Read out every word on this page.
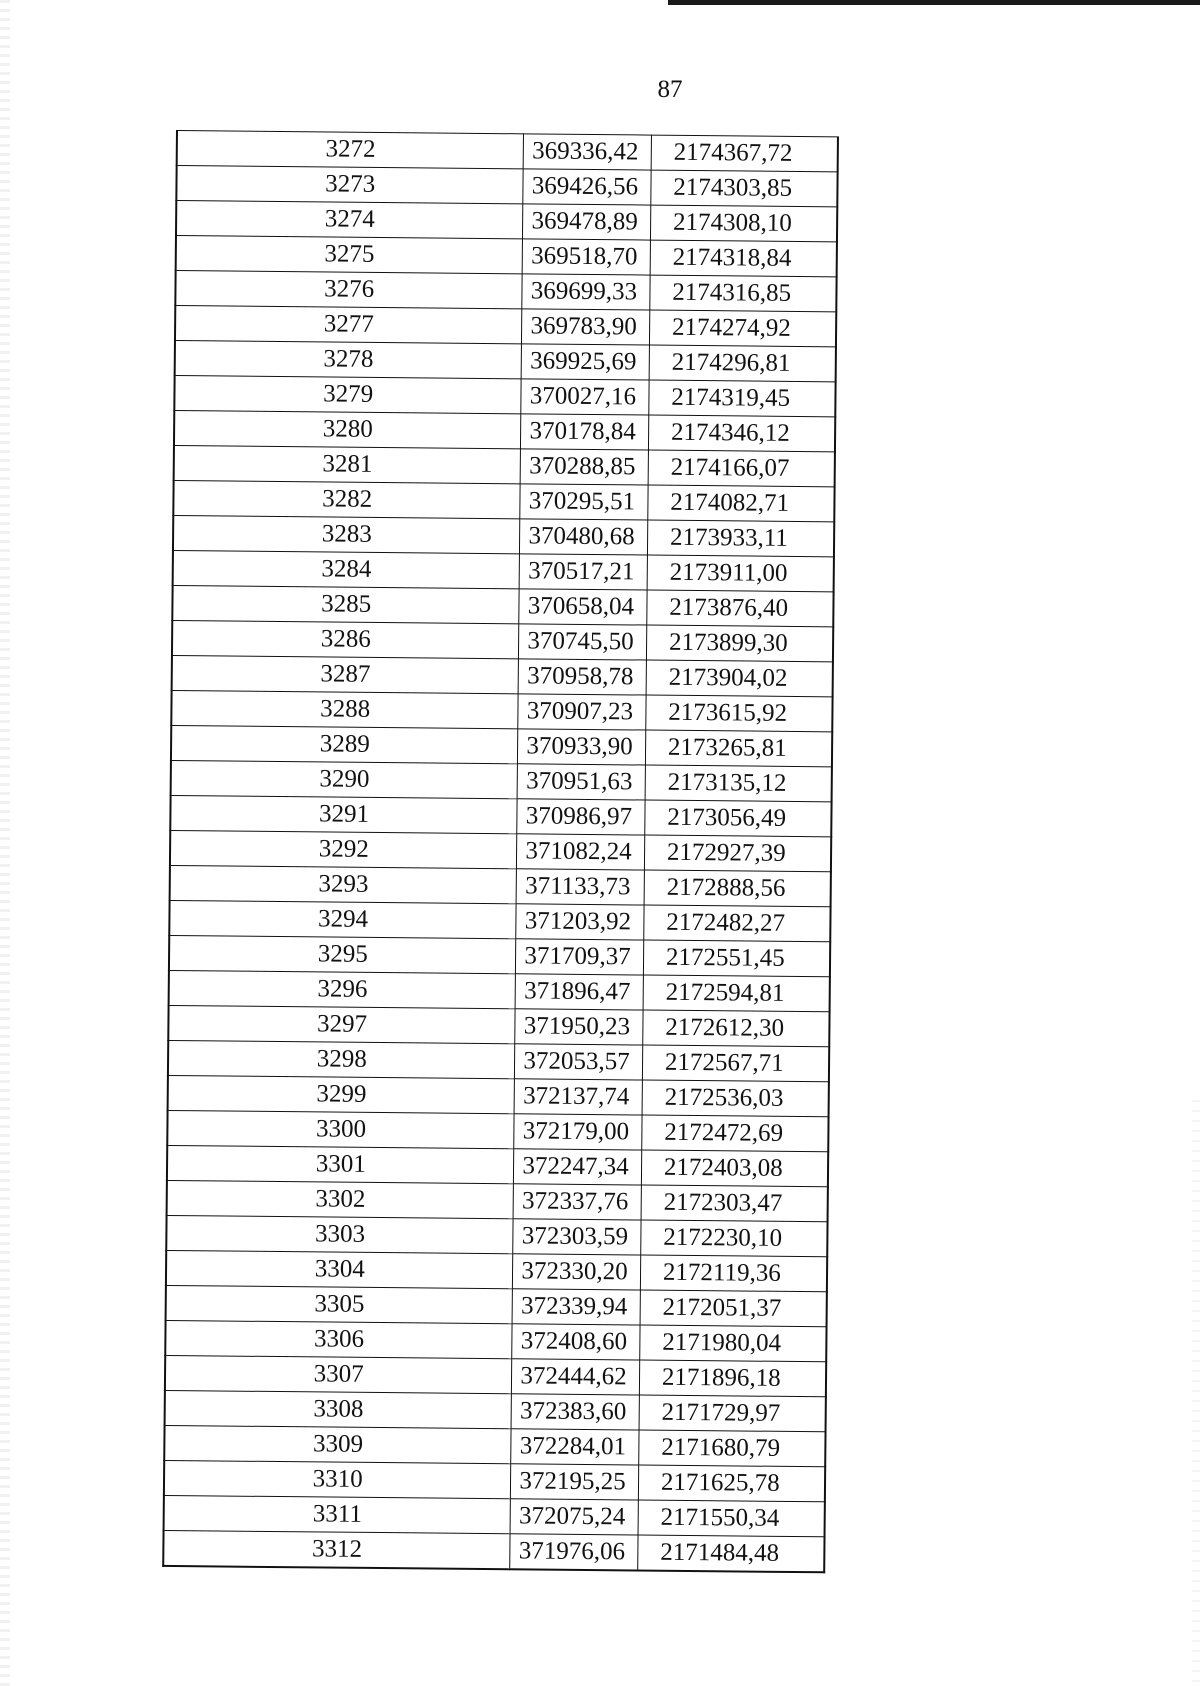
87
3272	369336,42	2174367,72
3273	369426,56	2174303,85
3274	369478,89	2174308,10
3275	369518,70	2174318,84
3276	369699,33	2174316,85
3277	369783,90	2174274,92
3278	369925,69	2174296,81
3279	370027,16	2174319,45
3280	370178,84	2174346,12
3281	370288,85	2174166,07
3282	370295,51	2174082,71
3283	370480,68	2173933,11
3284	370517,21	2173911,00
3285	370658,04	2173876,40
3286	370745,50	2173899,30
3287	370958,78	2173904,02
3288	370907,23	2173615,92
3289	370933,90	2173265,81
3290	370951,63	2173135,12
3291	370986,97	2173056,49
3292	371082,24	2172927,39
3293	371133,73	2172888,56
3294	371203,92	2172482,27
3295	371709,37	2172551,45
3296	371896,47	2172594,81
3297	371950,23	2172612,30
3298	372053,57	2172567,71
3299	372137,74	2172536,03
3300	372179,00	2172472,69
3301	372247,34	2172403,08
3302	372337,76	2172303,47
3303	372303,59	2172230,10
3304	372330,20	2172119,36
3305	372339,94	2172051,37
3306	372408,60	2171980,04
3307	372444,62	2171896,18
3308	372383,60	2171729,97
3309	372284,01	2171680,79
3310	372195,25	2171625,78
3311	372075,24	2171550,34
3312	371976,06	2171484,48
